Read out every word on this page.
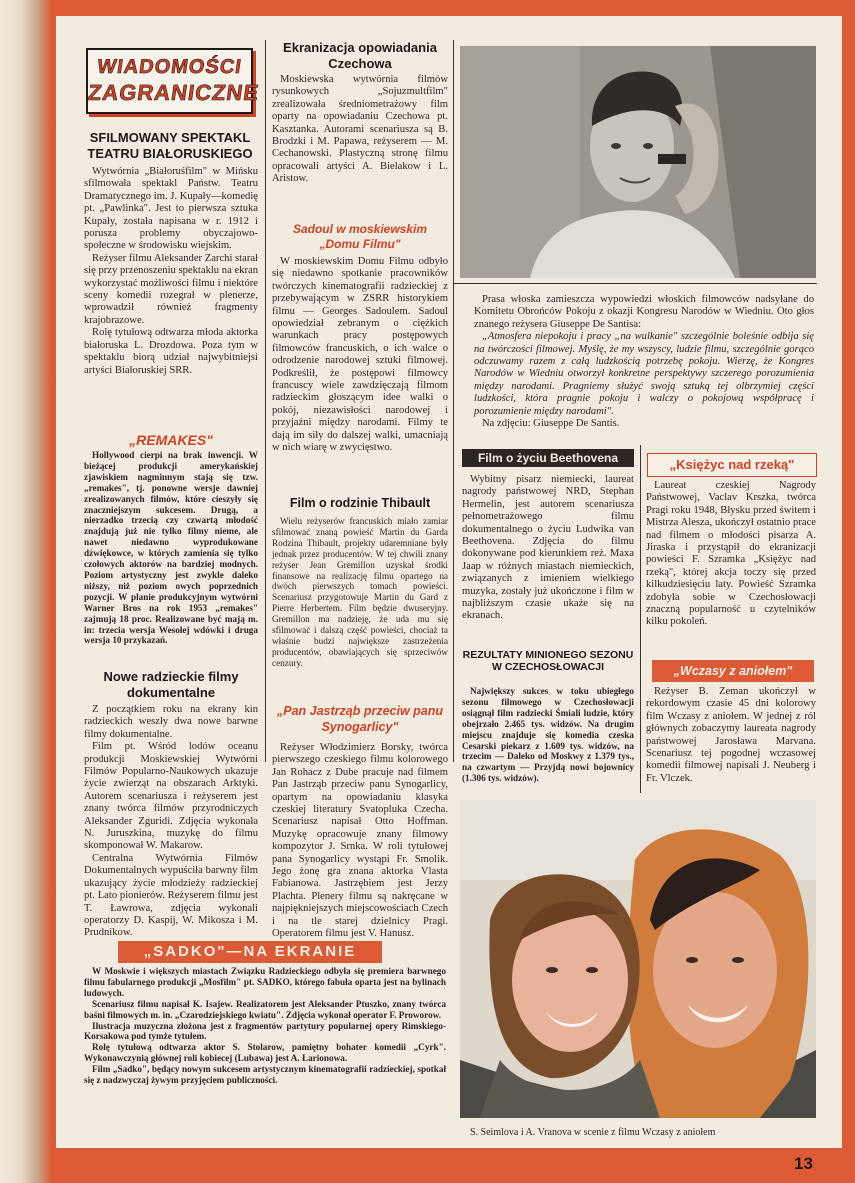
WIADOMOŚCI
ZAGRANICZNE
SFILMOWANY SPEKTAKL TEATRU BIAŁORUSKIEGO

Wytwórnia „Białoruśfilm" w Mińsku sfilmowała spektakl Państw. Teatru Dramatycznego im. J. Kupały—komedię pt. „Pawlinka". Jest to pierwsza sztuka Kupały, została napisana w r. 1912 i porusza problemy obyczajowo-społeczne w środowisku wiejskim.

Reżyser filmu Aleksander Zarchi starał się przy przenoszeniu spektaklu na ekran wykorzystać możliwości filmu i niektóre sceny komedii rozegrał w plenerze, wprowadził również fragmenty krajobrazowe.

Rolę tytułową odtwarza młoda aktorka białoruska L. Drozdowa. Poza tym w spektaklu biorą udział najwybitniejsi artyści Białoruskiej SRR.

„REMAKES"

Hollywood cierpi na brak inwencji. W bieżącej produkcji amerykańskiej zjawiskiem nagminnym stają się tzw. „remakes", tj. ponowne wersje dawniej zrealizowanych filmów, które cieszyły się znaczniejszym sukcesem. Drugą, a nierzadko trzecią czy czwartą młodość znajdują już nie tylko filmy nieme, ale nawet niedawno wyprodukowane dźwiękowce, w których zamienia się tylko czołowych aktorów na bardziej modnych. Poziom artystyczny jest zwykle daleko niższy, niż poziom owych poprzednich pozycji. W planie produkcyjnym wytwórni Warner Bros na rok 1953 „remakes" zajmują 18 proc. Realizowane być mają m. in: trzecia wersja Wesołej wdówki i druga wersja 10 przykazań.

Nowe radzieckie filmy dokumentalne

Z początkiem roku na ekrany kin radzieckich weszły dwa nowe barwne filmy dokumentalne.

Film pt. Wśród lodów oceanu produkcji Moskiewskiej Wytwórni Filmów Popularno-Naukowych ukazuje życie zwierząt na obszarach Arktyki. Autorem scenariusza i reżyserem jest znany twórca filmów przyrodniczych Aleksander Zguridi. Zdjęcia wykonała N. Juruszkina, muzykę do filmu skomponował W. Makarow.

Centralna Wytwórnia Filmów Dokumentalnych wypuściła barwny film ukazujący życie młodzieży radzieckiej pt. Lato pionierów. Reżyserem filmu jest T. Ławrowa, zdjęcia wykonali operatorzy D. Kaspij, W. Mikosza i M. Prudnikow.

Ekranizacja opowiadania Czechowa

Moskiewska wytwórnia filmów rysunkowych „Sojuzmultfilm" zrealizowała średniometrażowy film oparty na opowiadaniu Czechowa pt. Kasztanka. Autorami scenariusza są B. Brodzki i M. Papawa, reżyserem — M. Cechanowski. Plastyczną stronę filmu opracowali artyści A. Bielakow i L. Aristow.

Sadoul w moskiewskim „Domu Filmu"

W moskiewskim Domu Filmu odbyło się niedawno spotkanie pracowników twórczych kinematografii radzieckiej z przebywającym w ZSRR historykiem filmu — Georges Sadoulem. Sadoul opowiedział zebranym o ciężkich warunkach pracy postępowych filmowców francuskich, o ich walce o odrodzenie narodowej sztuki filmowej. Podkreślił, że postępowi filmowcy francuscy wiele zawdzięczają filmom radzieckim głoszącym idee walki o pokój, niezawisłości narodowej i przyjaźni między narodami. Filmy te dają im siły do dalszej walki, umacniają w nich wiarę w zwycięstwo.

Film o rodzinie Thibault

Wielu reżyserów francuskich miało zamiar sfilmować znaną powieść Martin du Garda Rodzina Thibault, projekty udaremniane były jednak przez producentów. W tej chwili znany reżyser Jean Gremillon uzyskał środki finansowe na realizację filmu opartego na dwóch pierwszych tomach powieści. Scenariusz przygotowuje Martin du Gard z Pierre Herbertem. Film będzie dwuseryjny. Gremillon ma nadzieję, że uda mu się sfilmować i dalszą część powieści, chociaż ta właśnie budzi największe zastrzeżenia producentów, obawiających się sprzeciwów cenzury.

„Pan Jastrząb przeciw panu Synogarlicy"

Reżyser Włodzimierz Borsky, twórca pierwszego czeskiego filmu kolorowego Jan Rohacz z Dube pracuje nad filmem Pan Jastrząb przeciw panu Synogarlicy, opartym na opowiadaniu klasyka czeskiej literatury Svatopluka Czecha. Scenariusz napisał Otto Hoffman. Muzykę opracowuje znany filmowy kompozytor J. Srnka. W roli tytułowej pana Synogarlicy wystąpi Fr. Smolik. Jego żonę gra znana aktorka Vlasta Fabianowa. Jastrzębiem jest Jerzy Plachta. Plenery filmu są nakręcane w najpiękniejszych miejscowościach Czech i na tle starej dzielnicy Pragi. Operatorem filmu jest V. Hanusz.

„SADKO"—NA EKRANIE

W Moskwie i większych miastach Związku Radzieckiego odbyła się premiera barwnego filmu fabularnego produkcji „Mosfilm" pt. SADKO, którego fabuła oparta jest na bylinach ludowych.

Scenariusz filmu napisał K. Isajew. Realizatorem jest Aleksander Ptuszko, znany twórca baśni filmowych m. in. „Czarodziejskiego kwiatu". Zdjęcia wykonał operator F. Proworow.

Ilustracja muzyczna złożona jest z fragmentów partytury popularnej opery Rimskiego-Korsakowa pod tymże tytułem.

Rolę tytułową odtwarza aktor S. Stolarow, pamiętny bohater komedii „Cyrk". Wykonawczynią głównej roli kobiecej (Lubawa) jest A. Łarionowa.

Film „Sadko", będący nowym sukcesem artystycznym kinematografii radzieckiej, spotkał się z nadzwyczaj żywym przyjęciem publiczności.

Prasa włoska zamieszcza wypowiedzi włoskich filmowców nadsyłane do Komitetu Obrońców Pokoju z okazji Kongresu Narodów w Wiedniu. Oto głos znanego reżysera Giuseppe De Santisa:

„Atmosfera niepokoju i pracy „na wulkanie" szczególnie boleśnie odbija się na twórczości filmowej. Myślę, że my wszyscy, ludzie filmu, szczególnie gorąco odczuwamy razem z całą ludzkością potrzebę pokoju. Wierzę, że Kongres Narodów w Wiedniu otworzył konkretne perspektywy szczerego porozumienia między narodami. Pragniemy służyć swoją sztuką tej olbrzymiej części ludzkości, która pragnie pokoju i walczy o pokojową współpracę i porozumienie między narodami".

Na zdjęciu: Giuseppe De Santis.

Film o życiu Beethovena

Wybitny pisarz niemiecki, laureat nagrody państwowej NRD, Stephan Hermelin, jest autorem scenariusza pełnometrażowego filmu dokumentalnego o życiu Ludwika van Beethovena. Zdjęcia do filmu dokonywane pod kierunkiem reż. Maxa Jaap w różnych miastach niemieckich, związanych z imieniem wielkiego muzyka, zostały już ukończone i film w najbliższym czasie ukaże się na ekranach.

REZULTATY MINIONEGO SEZONU W CZECHOSŁOWACJI

Największy sukces w toku ubiegłego sezonu filmowego w Czechosłowacji osiągnął film radziecki Śmiali ludzie, który obejrzało 2.465 tys. widzów. Na drugim miejscu znajduje się komedia czeska Cesarski piekarz z 1.609 tys. widzów, na trzecim — Daleko od Moskwy z 1.379 tys., na czwartym — Przyjdą nowi bojownicy (1.306 tys. widzów).

„Księżyc nad rzeką"

Laureat czeskiej Nagrody Państwowej, Vaclav Krszka, twórca Pragi roku 1948, Błysku przed świtem i Mistrza Alesza, ukończył ostatnio prace nad filmem o młodości pisarza A. Jiraska i przystąpił do ekranizacji powieści F. Szramka „Księżyc nad rzeką", której akcja toczy się przed kilkudziesięciu laty. Powieść Szramka zdobyła sobie w Czechosłowacji znaczną popularność u czytelników kilku pokoleń.

„Wczasy z aniołem"

Reżyser B. Zeman ukończył w rekordowym czasie 45 dni kolorowy film Wczasy z aniołem. W jednej z ról głównych zobaczymy laureata nagrody państwowej Jarosława Marvana. Scenariusz tej pogodnej wczasowej komedii filmowej napisali J. Neuberg i Fr. Vlczek.

S. Seimlova i A. Vranova w scenie z filmu Wczasy z aniołem
13
